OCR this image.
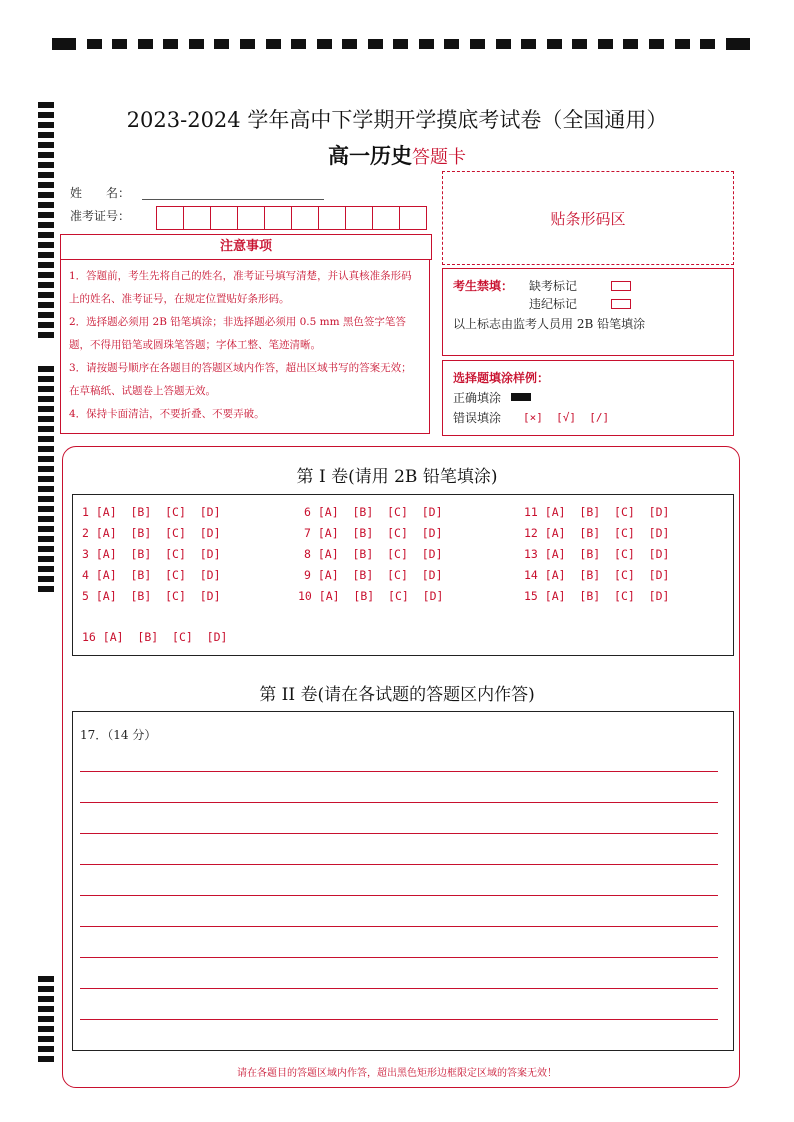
2023-2024 学年高中下学期开学摸底考试卷（全国通用）
高一历史答题卡
姓　　名：
准考证号：	贴条形码区
注意事项

1．答题前，考生先将自己的姓名，准考证号填写清楚，并认真核准条形码上的姓名、准考证号，在规定位置贴好条形码。

2．选择题必须用 2B 铅笔填涂；非选择题必须用 0.5 mm 黑色签字笔答题，不得用铅笔或圆珠笔答题；字体工整、笔迹清晰。

3．请按题号顺序在各题目的答题区域内作答，超出区域书写的答案无效；在草稿纸、试题卷上答题无效。

4．保持卡面清洁，不要折叠、不要弄破。

考生禁填： 缺考标记
违纪标记
以上标志由监考人员用 2B 铅笔填涂
选择题填涂样例：
正确填涂
错误填涂 [×]  [√]  [/]
第 I 卷(请用 2B 铅笔填涂)
1 [A]  [B]  [C]  [D]
2 [A]  [B]  [C]  [D]
3 [A]  [B]  [C]  [D]
4 [A]  [B]  [C]  [D]
5 [A]  [B]  [C]  [D]
6 [A]  [B]  [C]  [D]
7 [A]  [B]  [C]  [D]
8 [A]  [B]  [C]  [D]
9 [A]  [B]  [C]  [D]
10 [A]  [B]  [C]  [D]
11 [A]  [B]  [C]  [D]
12 [A]  [B]  [C]  [D]
13 [A]  [B]  [C]  [D]
14 [A]  [B]  [C]  [D]
15 [A]  [B]  [C]  [D]
16 [A]  [B]  [C]  [D]
第 II 卷(请在各试题的答题区内作答)
17．（14 分）
请在各题目的答题区域内作答，超出黑色矩形边框限定区域的答案无效！
